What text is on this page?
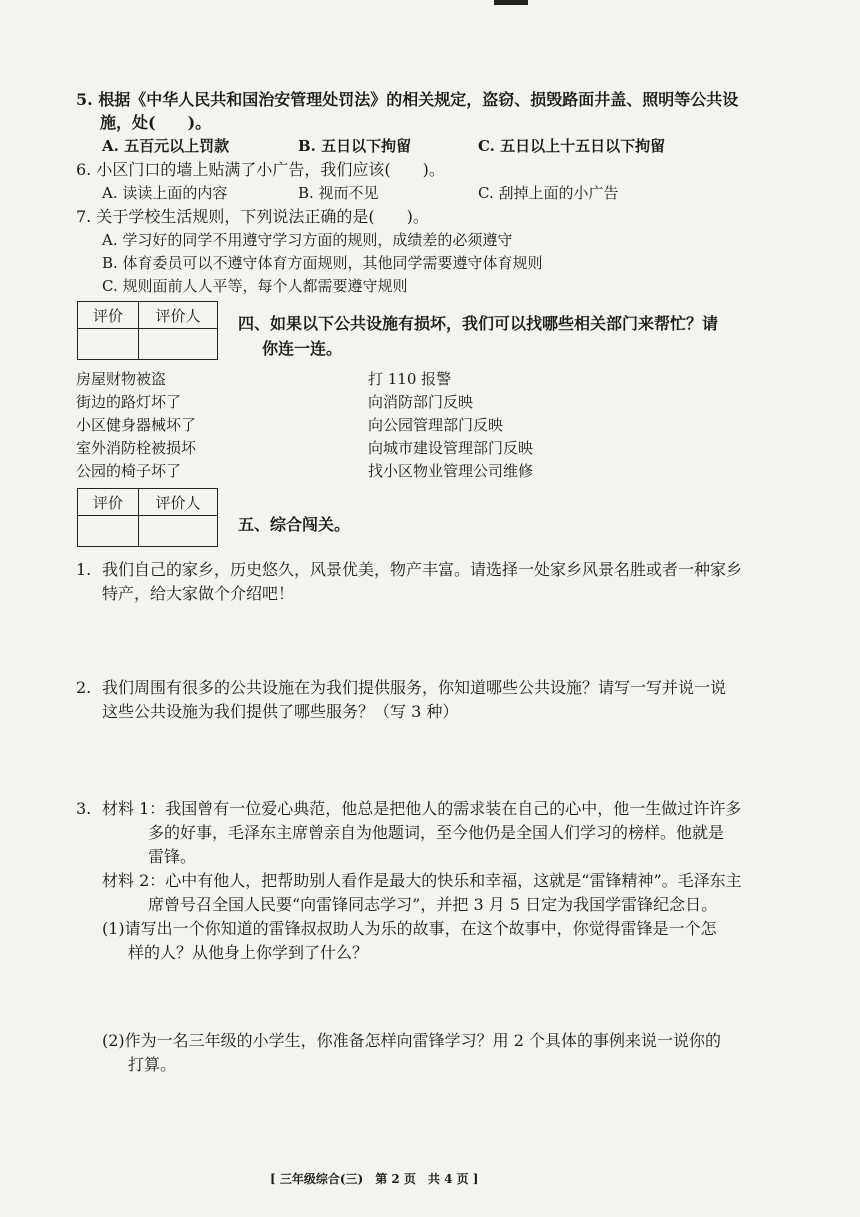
5. 根据《中华人民共和国治安管理处罚法》的相关规定，盗窃、损毁路面井盖、照明等公共设
施，处(　　)。
A. 五百元以上罚款	B. 五日以下拘留	C. 五日以上十五日以下拘留
6. 小区门口的墙上贴满了小广告，我们应该(　　)。
A. 读读上面的内容	B. 视而不见	C. 刮掉上面的小广告
7. 关于学校生活规则，下列说法正确的是(　　)。
A. 学习好的同学不用遵守学习方面的规则，成绩差的必须遵守
B. 体育委员可以不遵守体育方面规则，其他同学需要遵守体育规则
C. 规则面前人人平等，每个人都需要遵守规则
评价	评价人
	四、如果以下公共设施有损坏，我们可以找哪些相关部门来帮忙？请
你连一连。
房屋财物被盗
街边的路灯坏了
小区健身器械坏了
室外消防栓被损坏
公园的椅子坏了
打 110 报警
向消防部门反映
向公园管理部门反映
向城市建设管理部门反映
找小区物业管理公司维修
评价	评价人

五、综合闯关。
1. 我们自己的家乡，历史悠久，风景优美，物产丰富。请选择一处家乡风景名胜或者一种家乡
特产，给大家做个介绍吧！
2. 我们周围有很多的公共设施在为我们提供服务，你知道哪些公共设施？请写一写并说一说
这些公共设施为我们提供了哪些服务？（写 3 种）
3. 材料 1：我国曾有一位爱心典范，他总是把他人的需求装在自己的心中，他一生做过许许多
多的好事，毛泽东主席曾亲自为他题词，至今他仍是全国人们学习的榜样。他就是
雷锋。
材料 2：心中有他人，把帮助别人看作是最大的快乐和幸福，这就是“雷锋精神”。毛泽东主
席曾号召全国人民要“向雷锋同志学习”，并把 3 月 5 日定为我国学雷锋纪念日。
(1)请写出一个你知道的雷锋叔叔助人为乐的故事，在这个故事中，你觉得雷锋是一个怎
样的人？从他身上你学到了什么？
(2)作为一名三年级的小学生，你准备怎样向雷锋学习？用 2 个具体的事例来说一说你的
打算。
[ 三年级综合(三)　第 2 页　共 4 页 ]
